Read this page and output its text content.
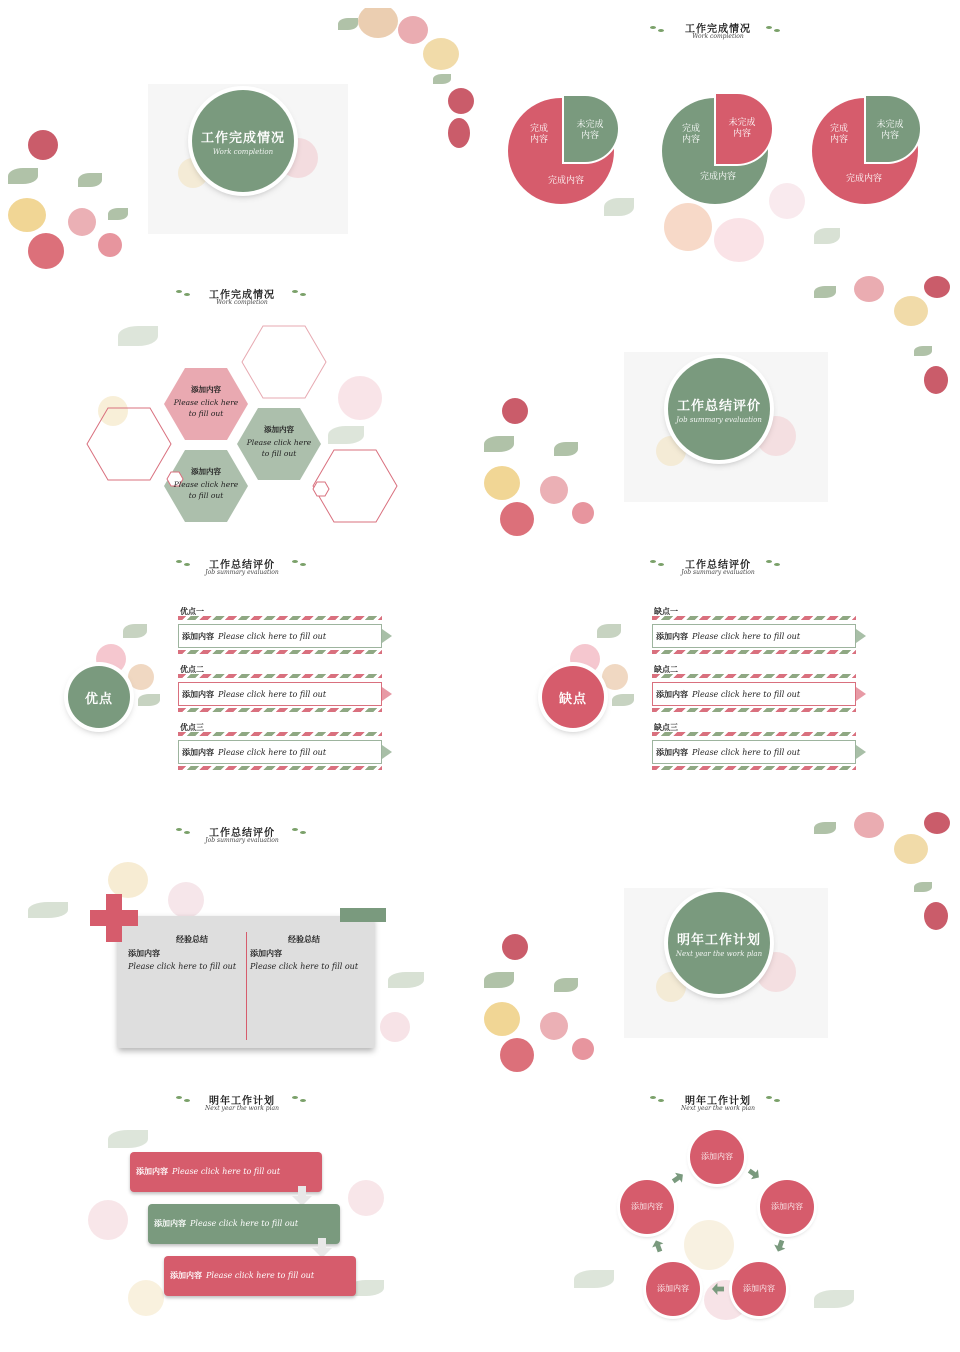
工作完成情况
Work completion
工作完成情况
Work completion
完成
内容
未完成
内容
完成内容
完成
内容
未完成
内容
完成内容
完成
内容
未完成
内容
完成内容
工作完成情况
Work completion
添加内容
Please click here
to fill out
添加内容
Please click here
to fill out
添加内容
Please click here
to fill out
工作总结评价
Job summary evaluation
工作总结评价
Job summary evaluation
优点
优点一
添加内容 Please click here to fill out
优点二
添加内容 Please click here to fill out
优点三
添加内容 Please click here to fill out
工作总结评价
Job summary evaluation
缺点
缺点一
添加内容 Please click here to fill out
缺点二
添加内容 Please click here to fill out
缺点三
添加内容 Please click here to fill out
工作总结评价
Job summary evaluation
经验总结
添加内容
Please click here to fill out
经验总结
添加内容
Please click here to fill out
明年工作计划
Next year the work plan
明年工作计划
Next year the work plan
添加内容 Please click here to fill out
添加内容 Please click here to fill out
添加内容 Please click here to fill out
明年工作计划
Next year the work plan
添加内容
添加内容
添加内容
添加内容
添加内容
